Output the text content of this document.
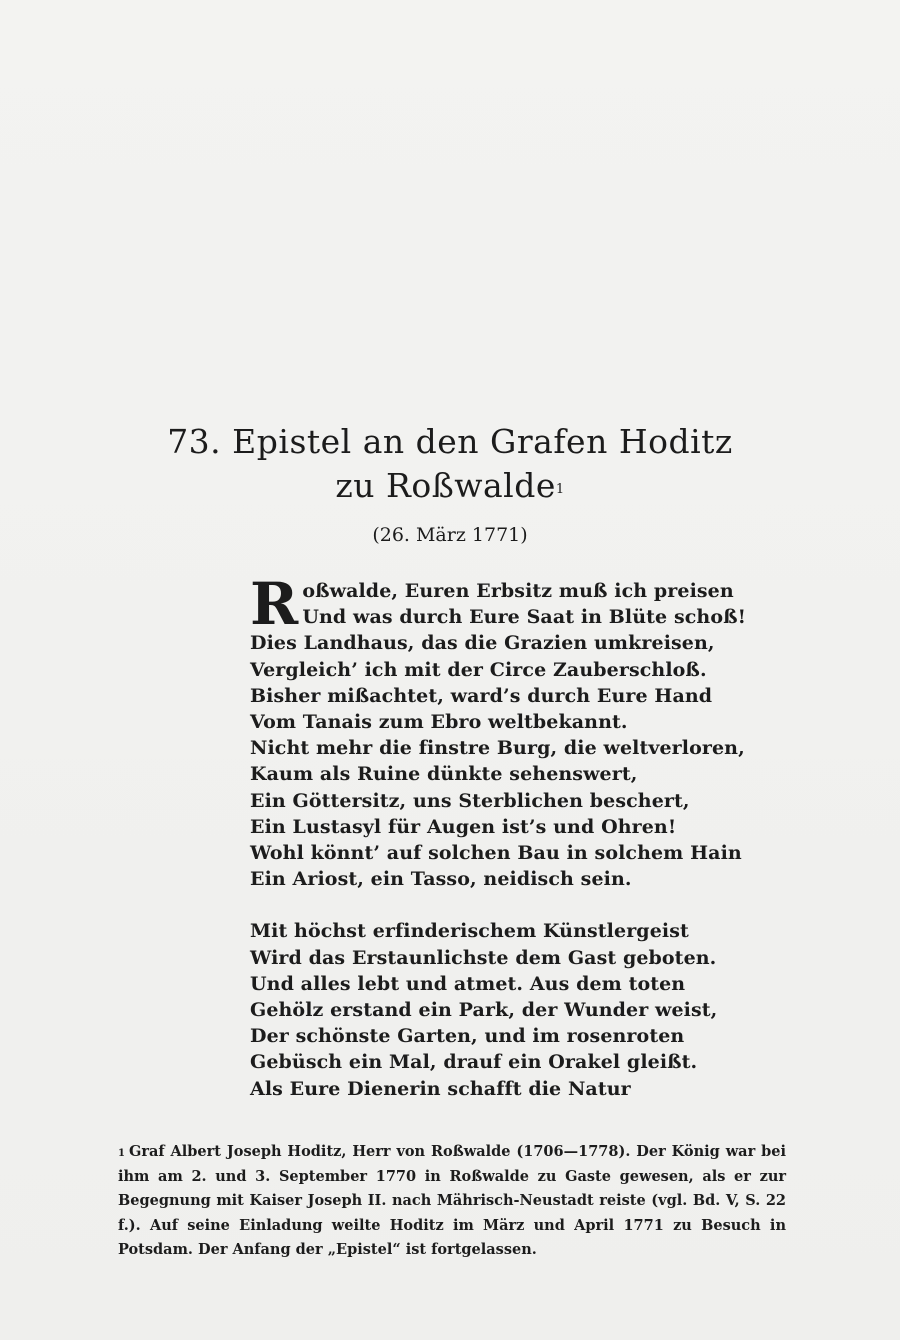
73. Epistel an den Grafen Hoditz
zu Roßwalde$^1$
(26. März 1771)
Roßwalde, Euren Erbsitz muß ich preisen
Und was durch Eure Saat in Blüte schoß!
Dies Landhaus, das die Grazien umkreisen,
Vergleich’ ich mit der Circe Zauberschloß.
Bisher mißachtet, ward’s durch Eure Hand
Vom Tanais zum Ebro weltbekannt.
Nicht mehr die finstre Burg, die weltverloren,
Kaum als Ruine dünkte sehenswert,
Ein Göttersitz, uns Sterblichen beschert,
Ein Lustasyl für Augen ist’s und Ohren!
Wohl könnt’ auf solchen Bau in solchem Hain
Ein Ariost, ein Tasso, neidisch sein.
Mit höchst erfinderischem Künstlergeist
Wird das Erstaunlichste dem Gast geboten.
Und alles lebt und atmet. Aus dem toten
Gehölz erstand ein Park, der Wunder weist,
Der schönste Garten, und im rosenroten
Gebüsch ein Mal, drauf ein Orakel gleißt.
Als Eure Dienerin schafft die Natur
$^1$ Graf Albert Joseph Hoditz, Herr von Roßwalde (1706—1778). Der König war bei ihm am 2. und 3. September 1770 in Roßwalde zu Gaste gewesen, als er zur Begegnung mit Kaiser Joseph II. nach Mährisch-Neustadt reiste (vgl. Bd. V, S. 22 f.). Auf seine Einladung weilte Hoditz im März und April 1771 zu Besuch in Potsdam. Der Anfang der „Epistel“ ist fortgelassen.
